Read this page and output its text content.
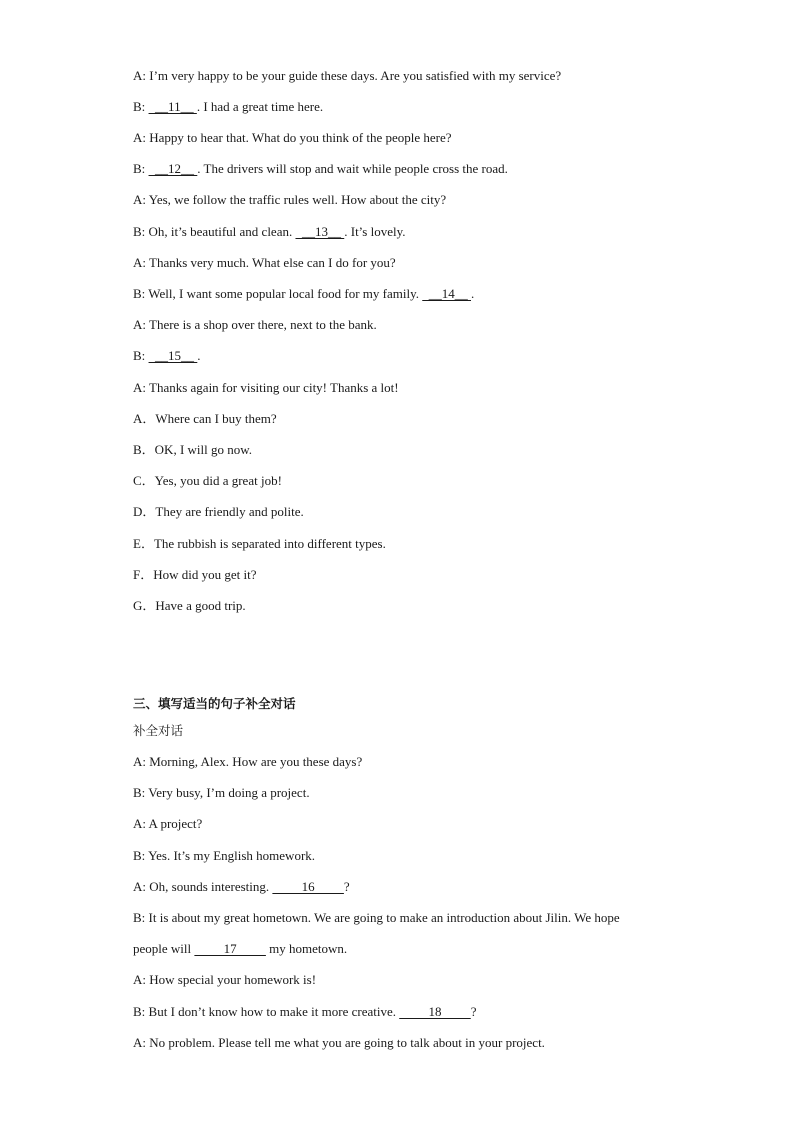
A: I’m very happy to be your guide these days. Are you satisfied with my service?
B:   __11__ . I had a great time here.
A: Happy to hear that. What do you think of the people here?
B:   __12__ . The drivers will stop and wait while people cross the road.
A: Yes, we follow the traffic rules well. How about the city?
B: Oh, it’s beautiful and clean.   __13__ . It’s lovely.
A: Thanks very much. What else can I do for you?
B: Well, I want some popular local food for my family.   __14__ .
A: There is a shop over there, next to the bank.
B:   __15__ .
A: Thanks again for visiting our city! Thanks a lot!
A．Where can I buy them?
B．OK, I will go now.
C．Yes, you did a great job!
D．They are friendly and polite.
E．The rubbish is separated into different types.
F．How did you get it?
G．Have a good trip.
三、填写适当的句子补全对话
补全对话
A: Morning, Alex. How are you these days?
B: Very busy, I’m doing a project.
A: A project?
B: Yes. It’s my English homework.
A: Oh, sounds interesting.          16         ?
B: It is about my great hometown. We are going to make an introduction about Jilin. We hope
people will          17          my hometown.
A: How special your homework is!
B: But I don’t know how to make it more creative.          18         ?
A: No problem. Please tell me what you are going to talk about in your project.
